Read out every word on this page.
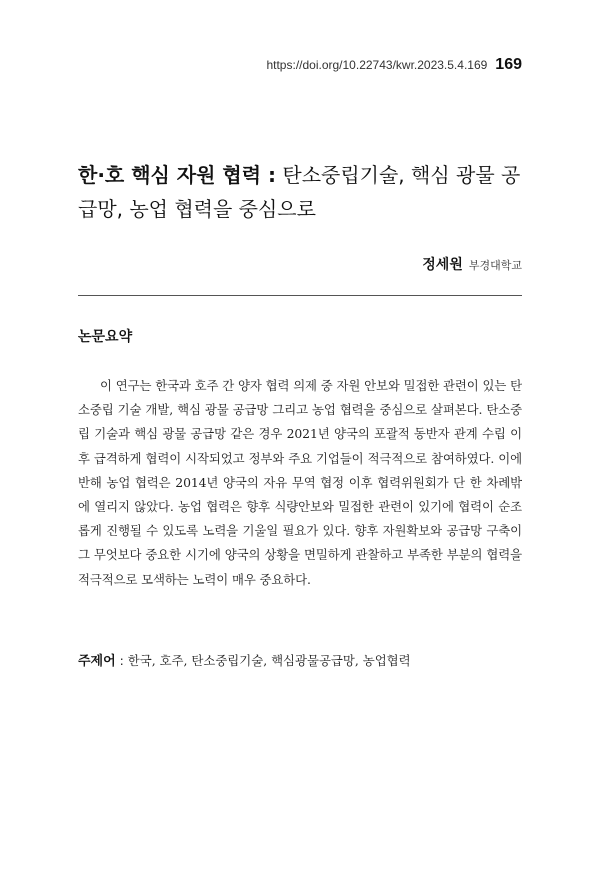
https://doi.org/10.22743/kwr.2023.5.4.169 169
한·호 핵심 자원 협력 : 탄소중립기술, 핵심 광물 공급망, 농업 협력을 중심으로
정세원 부경대학교
논문요약

이 연구는 한국과 호주 간 양자 협력 의제 중 자원 안보와 밀접한 관련이 있는 탄소중립 기술 개발, 핵심 광물 공급망 그리고 농업 협력을 중심으로 살펴본다. 탄소중립 기술과 핵심 광물 공급망 같은 경우 2021년 양국의 포괄적 동반자 관계 수립 이후 급격하게 협력이 시작되었고 정부와 주요 기업들이 적극적으로 참여하였다. 이에 반해 농업 협력은 2014년 양국의 자유 무역 협정 이후 협력위원회가 단 한 차례밖에 열리지 않았다. 농업 협력은 향후 식량안보와 밀접한 관련이 있기에 협력이 순조롭게 진행될 수 있도록 노력을 기울일 필요가 있다. 향후 자원확보와 공급망 구축이 그 무엇보다 중요한 시기에 양국의 상황을 면밀하게 관찰하고 부족한 부분의 협력을 적극적으로 모색하는 노력이 매우 중요하다.

주제어 : 한국, 호주, 탄소중립기술, 핵심광물공급망, 농업협력
